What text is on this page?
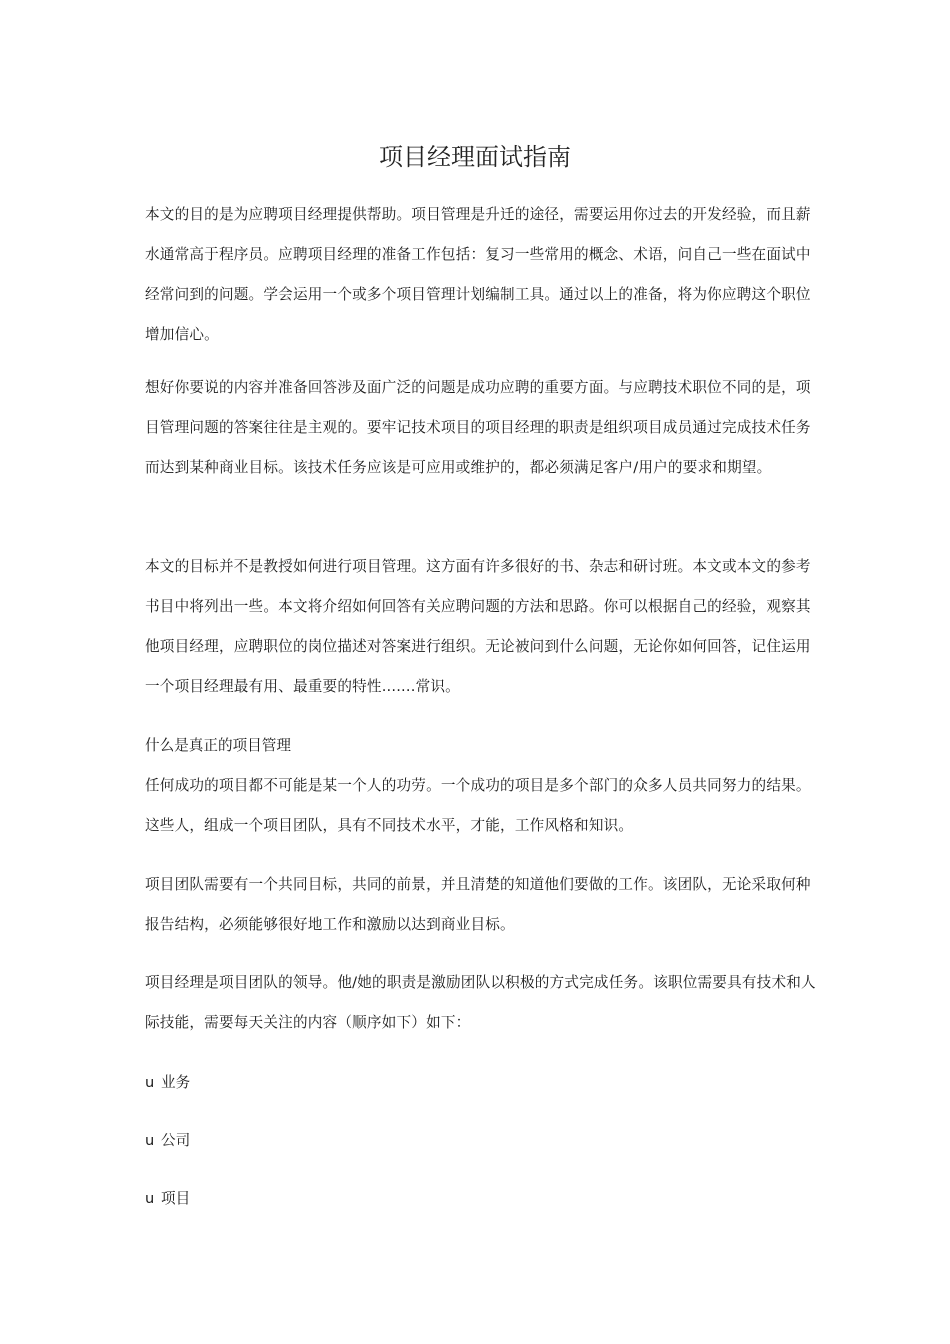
项目经理面试指南
本文的目的是为应聘项目经理提供帮助。项目管理是升迁的途径，需要运用你过去的开发经验，而且薪水通常高于程序员。应聘项目经理的准备工作包括：复习一些常用的概念、术语，问自己一些在面试中经常问到的问题。学会运用一个或多个项目管理计划编制工具。通过以上的准备，将为你应聘这个职位增加信心。
想好你要说的内容并准备回答涉及面广泛的问题是成功应聘的重要方面。与应聘技术职位不同的是，项目管理问题的答案往往是主观的。要牢记技术项目的项目经理的职责是组织项目成员通过完成技术任务而达到某种商业目标。该技术任务应该是可应用或维护的，都必须满足客户/用户的要求和期望。
本文的目标并不是教授如何进行项目管理。这方面有许多很好的书、杂志和研讨班。本文或本文的参考书目中将列出一些。本文将介绍如何回答有关应聘问题的方法和思路。你可以根据自己的经验，观察其他项目经理，应聘职位的岗位描述对答案进行组织。无论被问到什么问题，无论你如何回答，记住运用一个项目经理最有用、最重要的特性.......常识。
什么是真正的项目管理
任何成功的项目都不可能是某一个人的功劳。一个成功的项目是多个部门的众多人员共同努力的结果。这些人，组成一个项目团队，具有不同技术水平，才能，工作风格和知识。
项目团队需要有一个共同目标，共同的前景，并且清楚的知道他们要做的工作。该团队，无论采取何种报告结构，必须能够很好地工作和激励以达到商业目标。
项目经理是项目团队的领导。他/她的职责是激励团队以积极的方式完成任务。该职位需要具有技术和人际技能，需要每天关注的内容（顺序如下）如下：
u 业务
u 公司
u 项目
